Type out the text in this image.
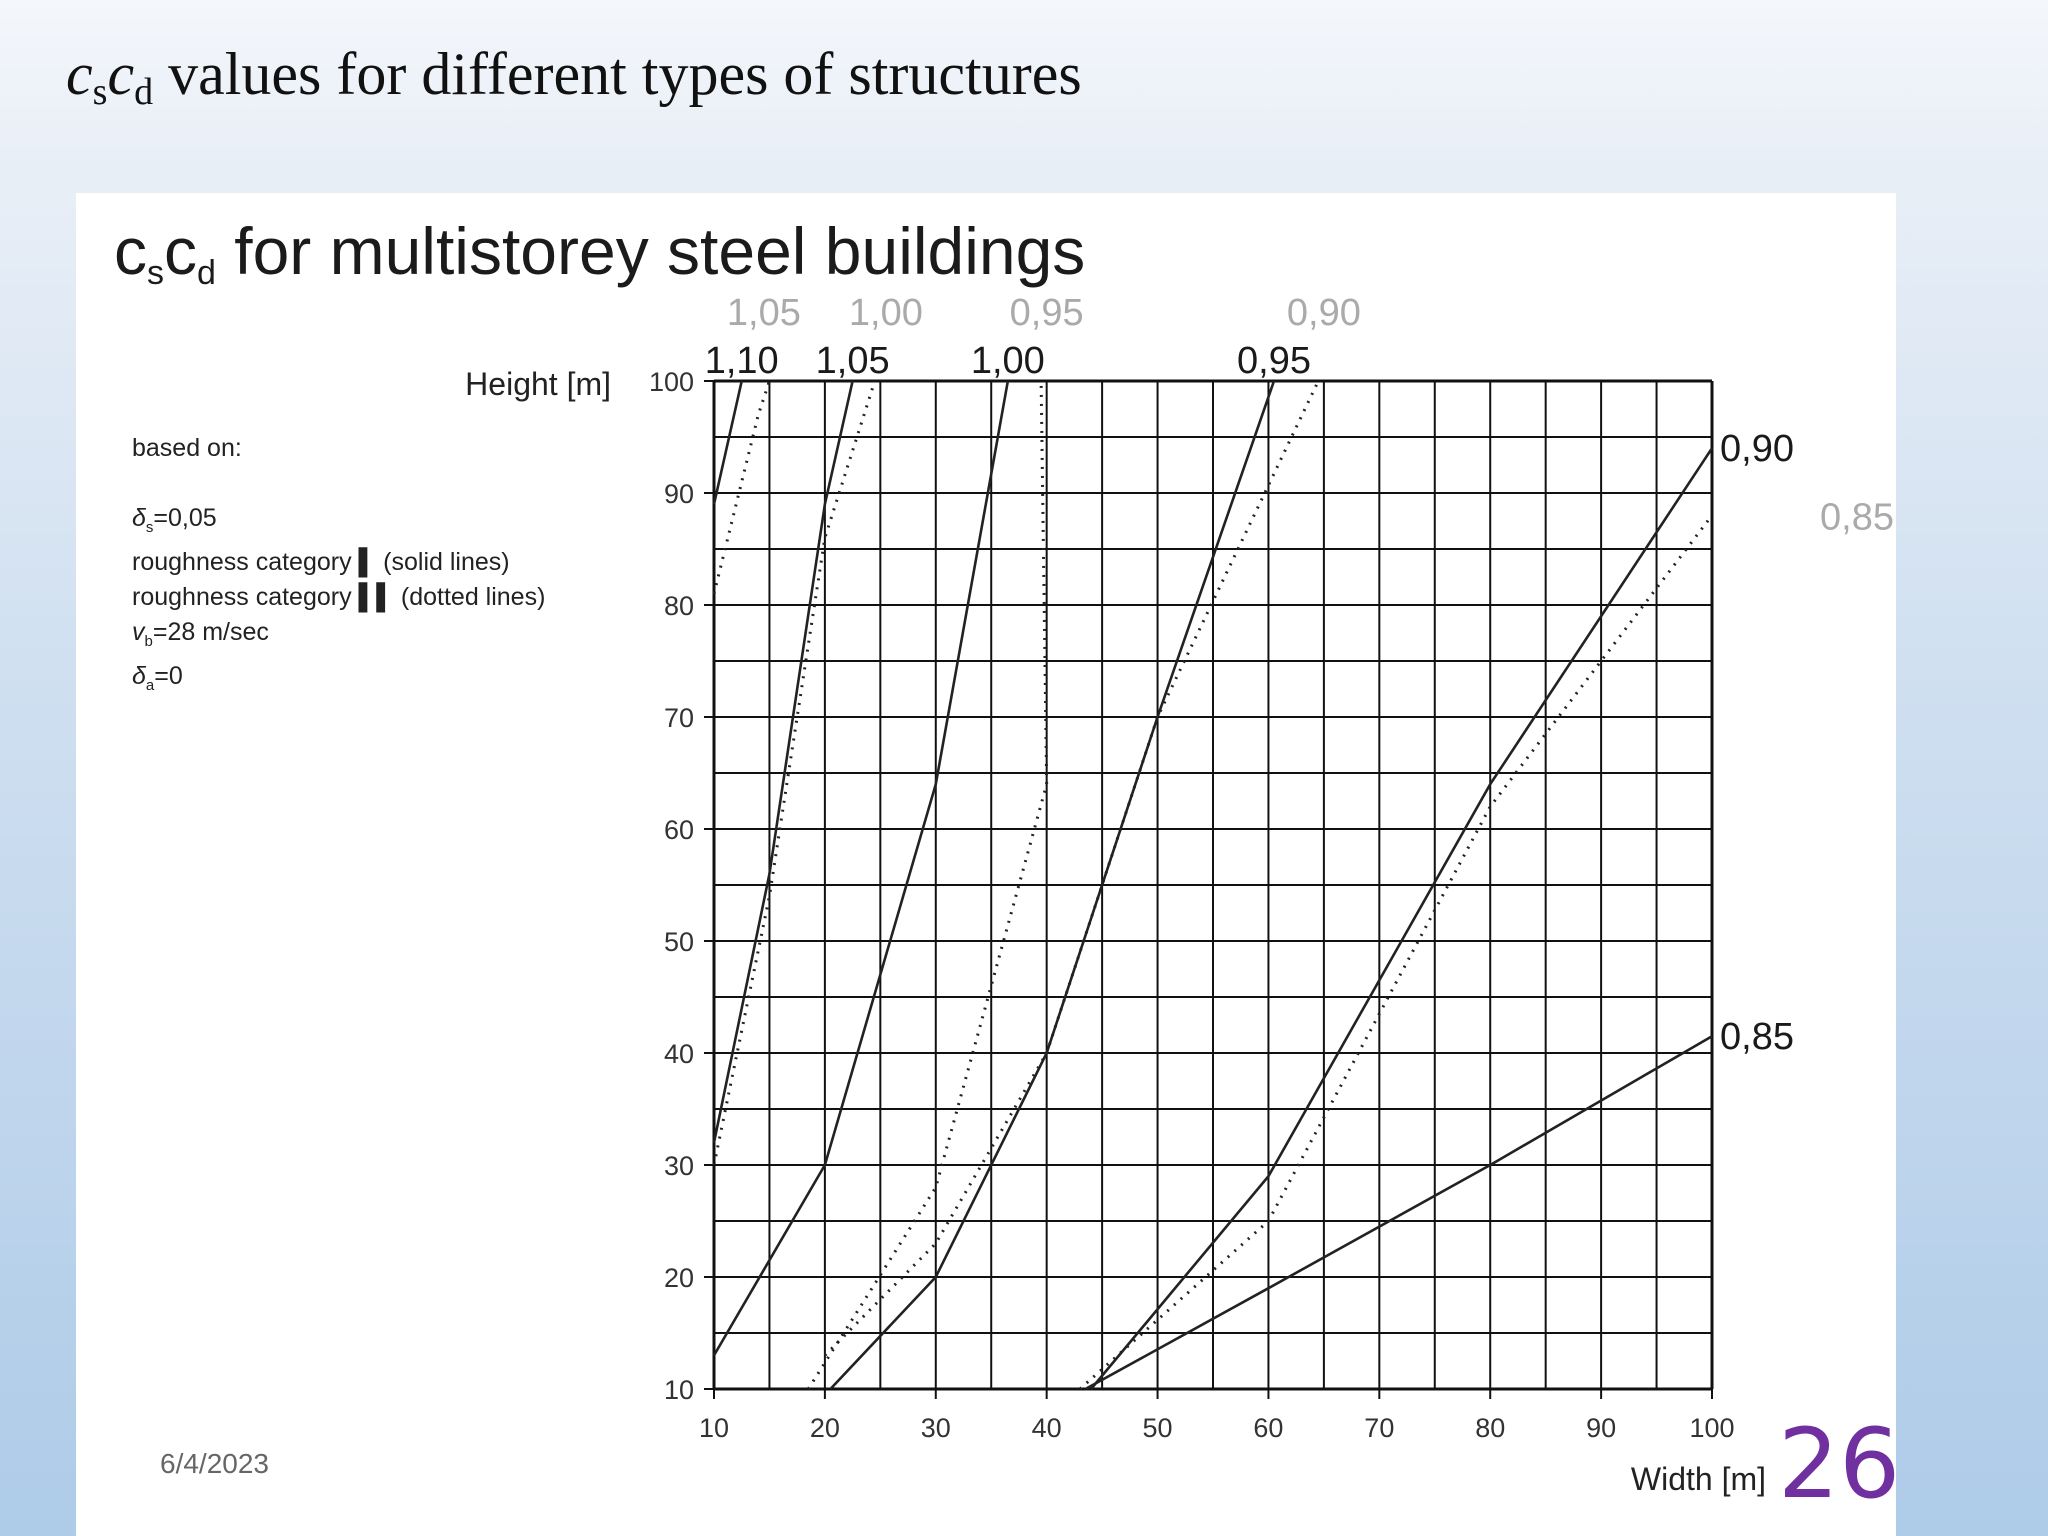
$c_sc_d$ values for different types of structures
$c_sc_d$ for multistorey steel buildings
based on:
$\delta_s=0,05$
roughness category ▌ (solid lines)
roughness category ▌▌ (dotted lines)
$v_b=28$ m/sec
$\delta_a=0$
10	20	30	40	50	60	70	80	90	100
10
20
30
40
50
60
70
80
90
100 1,10 1,05 1,00	0,95
1,05 1,00 0,95	0,90
0,90
0,85
0,85
Height [m]
Width [m]
6/4/2023	26
